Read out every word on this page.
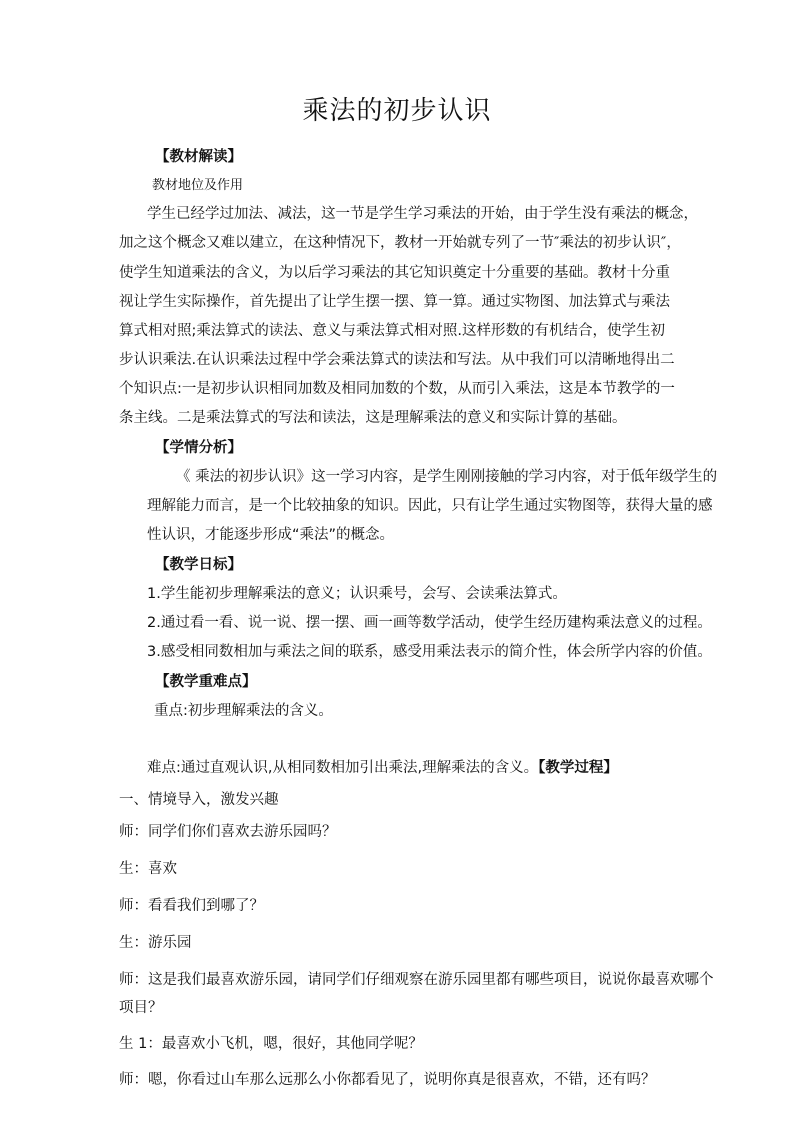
乘法的初步认识
【教材解读】
教材地位及作用
学生已经学过加法、减法，这一节是学生学习乘法的开始，由于学生没有乘法的概念，
加之这个概念又难以建立，在这种情况下，教材一开始就专列了一节″乘法的初步认识″，
使学生知道乘法的含义，为以后学习乘法的其它知识奠定十分重要的基础。教材十分重
视让学生实际操作，首先提出了让学生摆一摆、算一算。通过实物图、加法算式与乘法
算式相对照;乘法算式的读法、意义与乘法算式相对照.这样形数的有机结合，使学生初
步认识乘法.在认识乘法过程中学会乘法算式的读法和写法。从中我们可以清晰地得出二
个知识点:一是初步认识相同加数及相同加数的个数，从而引入乘法，这是本节教学的一
条主线。二是乘法算式的写法和读法，这是理解乘法的意义和实际计算的基础。
【学情分析】
《 乘法的初步认识》这一学习内容，是学生刚刚接触的学习内容，对于低年级学生的
理解能力而言，是一个比较抽象的知识。因此，只有让学生通过实物图等，获得大量的感
性认识，才能逐步形成“乘法”的概念。
【教学日标】
1.学生能初步理解乘法的意义；认识乘号，会写、会读乘法算式。
2.通过看一看、说一说、摆一摆、画一画等数学活动，使学生经历建构乘法意义的过程。
3.感受相同数相加与乘法之间的联系，感受用乘法表示的简介性，体会所学内容的价值。
【教学重难点】
重点:初步理解乘法的含义。
难点:通过直观认识,从相同数相加引出乘法,理解乘法的含义。【教学过程】
一、情境导入，激发兴趣
师：同学们你们喜欢去游乐园吗？
生：喜欢
师：看看我们到哪了？
生：游乐园
师：这是我们最喜欢游乐园，请同学们仔细观察在游乐园里都有哪些项目，说说你最喜欢哪个
项目？
生 1：最喜欢小飞机，嗯，很好，其他同学呢？
师：嗯，你看过山车那么远那么小你都看见了，说明你真是很喜欢，不错，还有吗？
